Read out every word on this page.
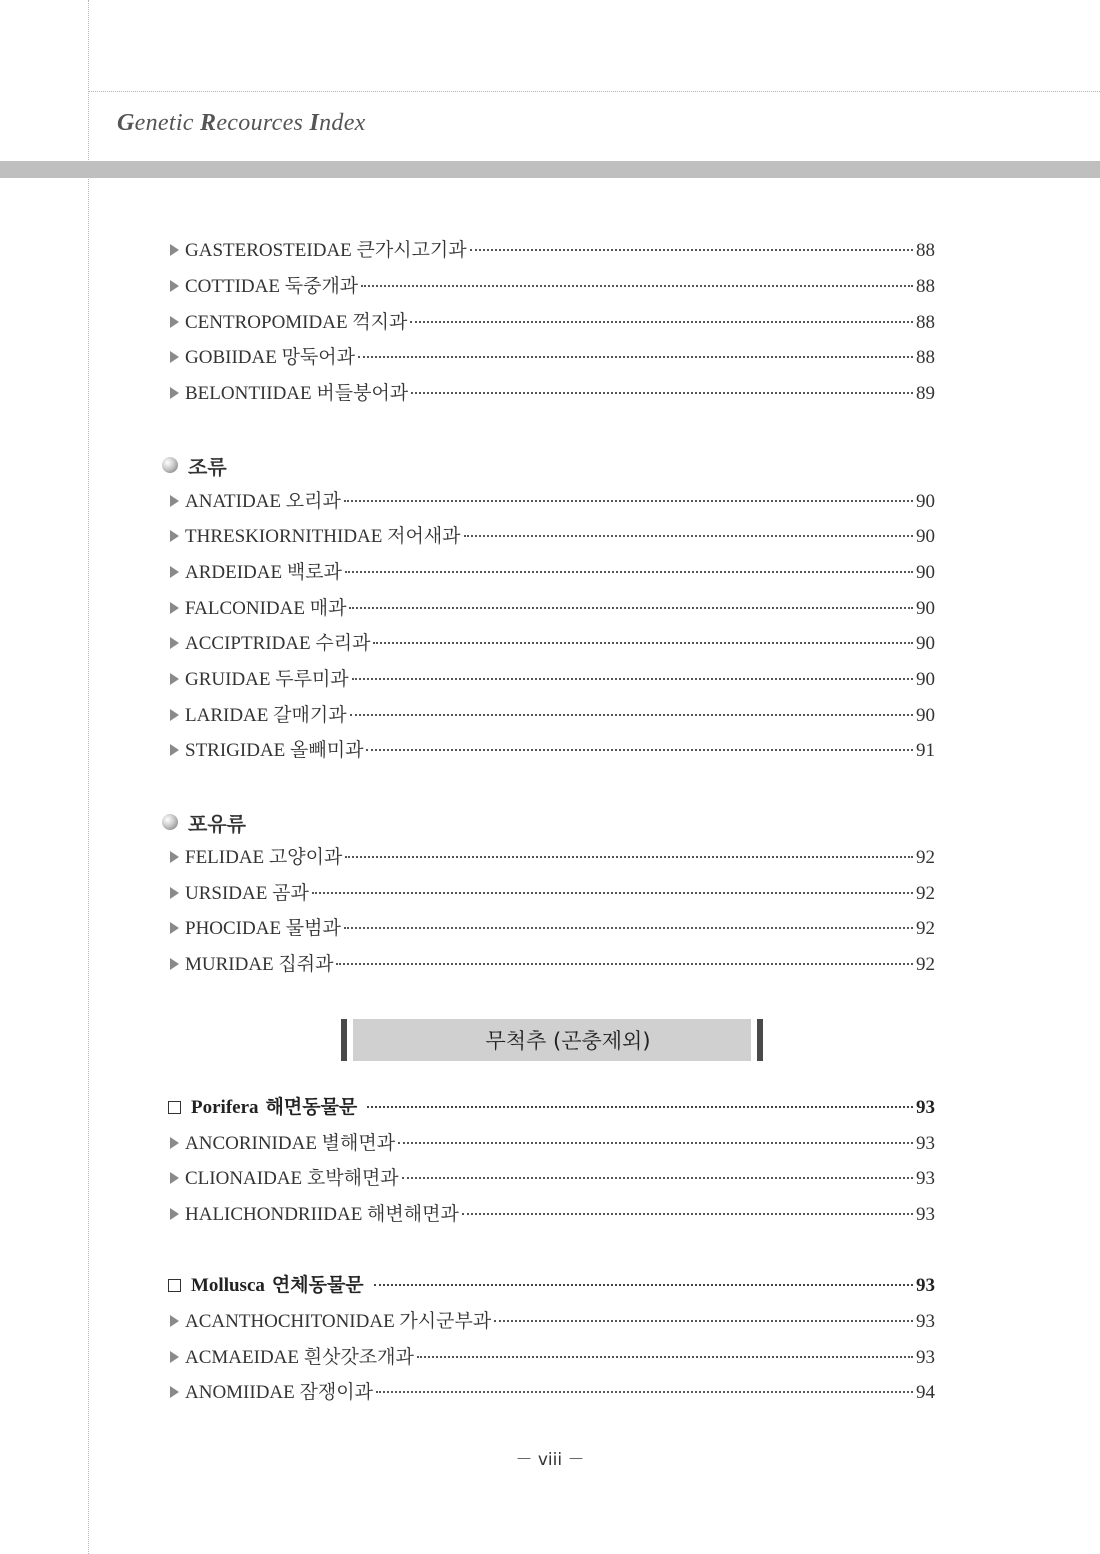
Genetic Recources Index
GASTEROSTEIDAE 큰가시고기과	88
COTTIDAE 둑중개과	88
CENTROPOMIDAE 꺽지과	88
GOBIIDAE 망둑어과	88
BELONTIIDAE 버들붕어과	89
조류
ANATIDAE 오리과	90
THRESKIORNITHIDAE 저어새과	90
ARDEIDAE 백로과	90
FALCONIDAE 매과	90
ACCIPTRIDAE 수리과	90
GRUIDAE 두루미과	90
LARIDAE 갈매기과	90
STRIGIDAE 올빼미과	91
포유류
FELIDAE 고양이과	92
URSIDAE 곰과	92
PHOCIDAE 물범과	92
MURIDAE 집쥐과	92
무척추 (곤충제외)
Porifera 해면동물문	93
ANCORINIDAE 별해면과	93
CLIONAIDAE 호박해면과	93
HALICHONDRIIDAE 해변해면과	93
Mollusca 연체동물문	93
ACANTHOCHITONIDAE 가시군부과	93
ACMAEIDAE 흰삿갓조개과	93
ANOMIIDAE 잠쟁이과	94
－ viii －
